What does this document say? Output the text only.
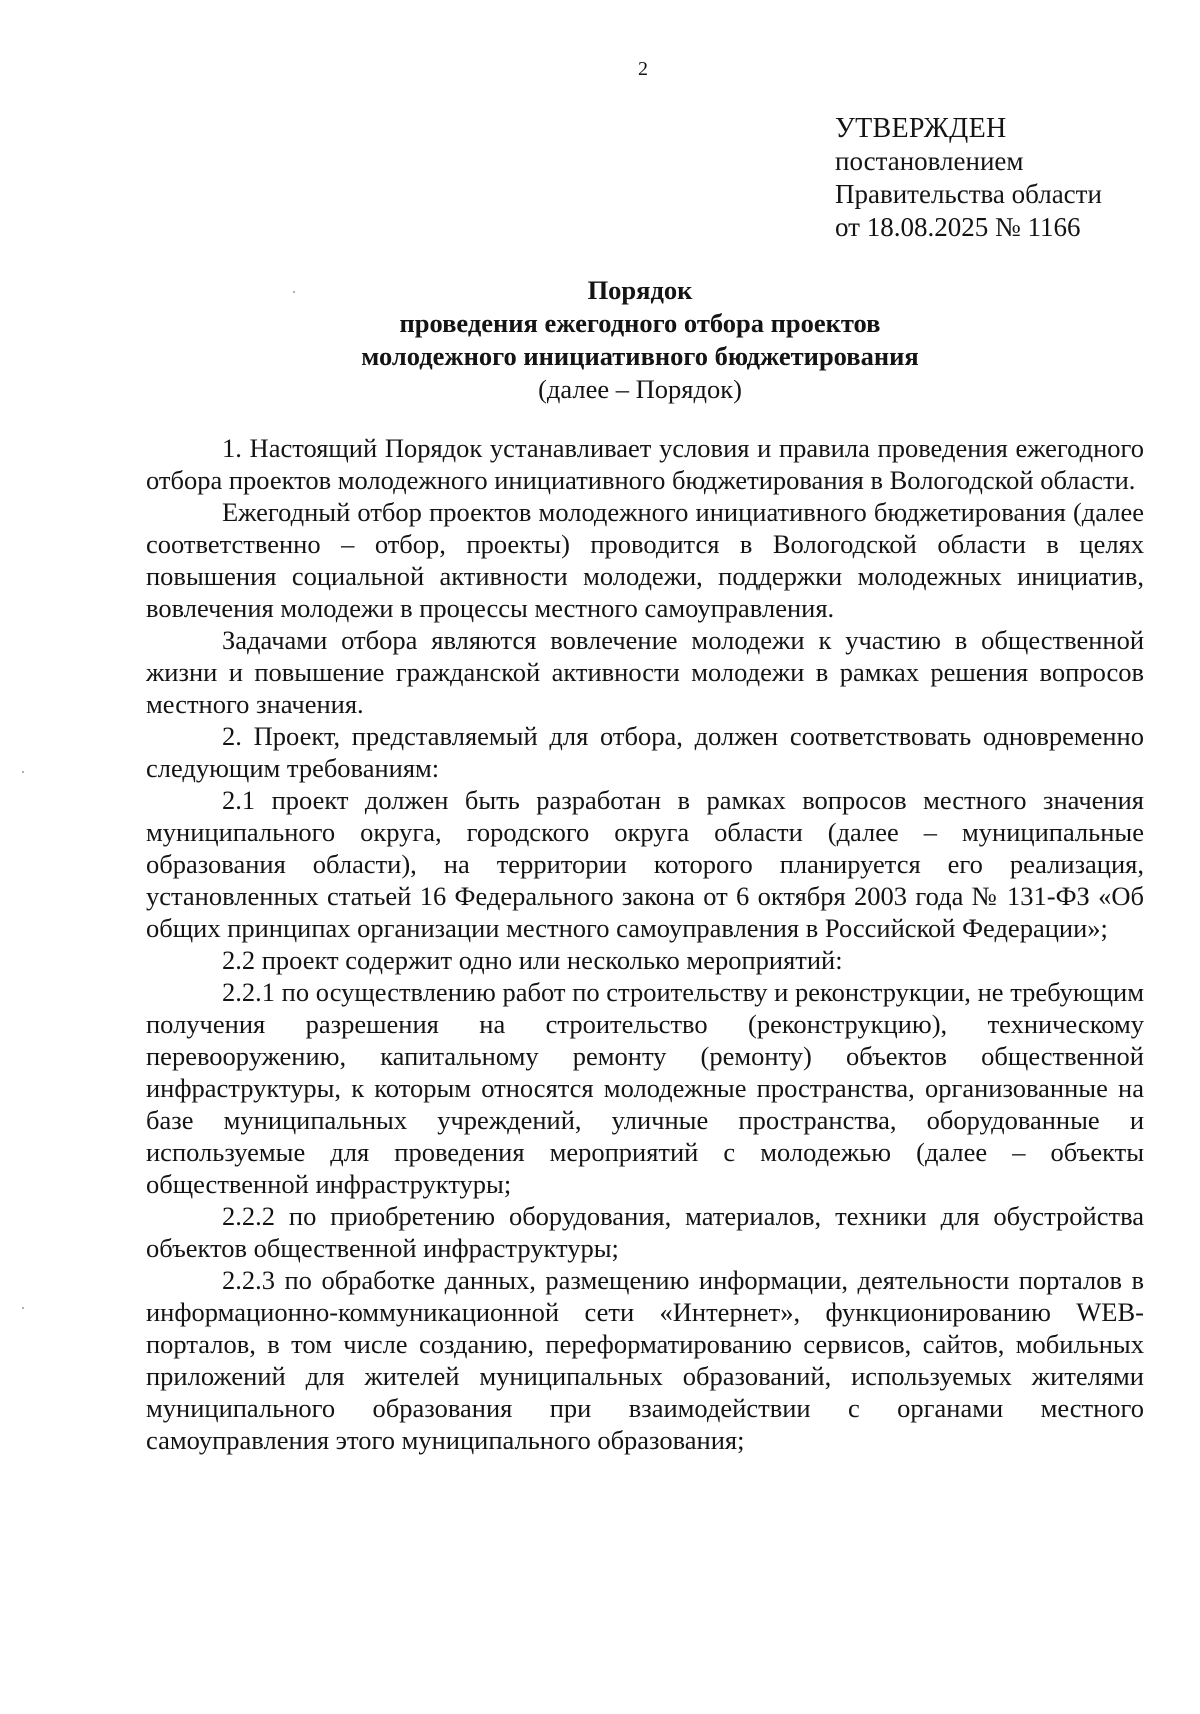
2
УТВЕРЖДЕН
постановлением
Правительства области
от 18.08.2025 № 1166
Порядок
проведения ежегодного отбора проектов
молодежного инициативного бюджетирования
(далее – Порядок)

1. Настоящий Порядок устанавливает условия и правила проведения ежегодного отбора проектов молодежного инициативного бюджетирования в Вологодской области.

Ежегодный отбор проектов молодежного инициативного бюджетирования (далее соответственно – отбор, проекты) проводится в Вологодской области в целях повышения социальной активности молодежи, поддержки молодежных инициатив, вовлечения молодежи в процессы местного самоуправления.

Задачами отбора являются вовлечение молодежи к участию в общественной жизни и повышение гражданской активности молодежи в рамках решения вопросов местного значения.

2. Проект, представляемый для отбора, должен соответствовать одновременно следующим требованиям:

2.1 проект должен быть разработан в рамках вопросов местного значения муниципального округа, городского округа области (далее – муниципальные образования области), на территории которого планируется его реализация, установленных статьей 16 Федерального закона от 6 октября 2003 года № 131-ФЗ «Об общих принципах организации местного самоуправления в Российской Федерации»;

2.2 проект содержит одно или несколько мероприятий:

2.2.1 по осуществлению работ по строительству и реконструкции, не требующим получения разрешения на строительство (реконструкцию), техническому перевооружению, капитальному ремонту (ремонту) объектов общественной инфраструктуры, к которым относятся молодежные пространства, организованные на базе муниципальных учреждений, уличные пространства, оборудованные и используемые для проведения мероприятий с молодежью (далее – объекты общественной инфраструктуры;

2.2.2 по приобретению оборудования, материалов, техники для обустройства объектов общественной инфраструктуры;

2.2.3 по обработке данных, размещению информации, деятельности порталов в информационно-коммуникационной сети «Интернет», функционированию WEB-порталов, в том числе созданию, переформатированию сервисов, сайтов, мобильных приложений для жителей муниципальных образований, используемых жителями муниципального образования при взаимодействии с органами местного самоуправления этого муниципального образования;
